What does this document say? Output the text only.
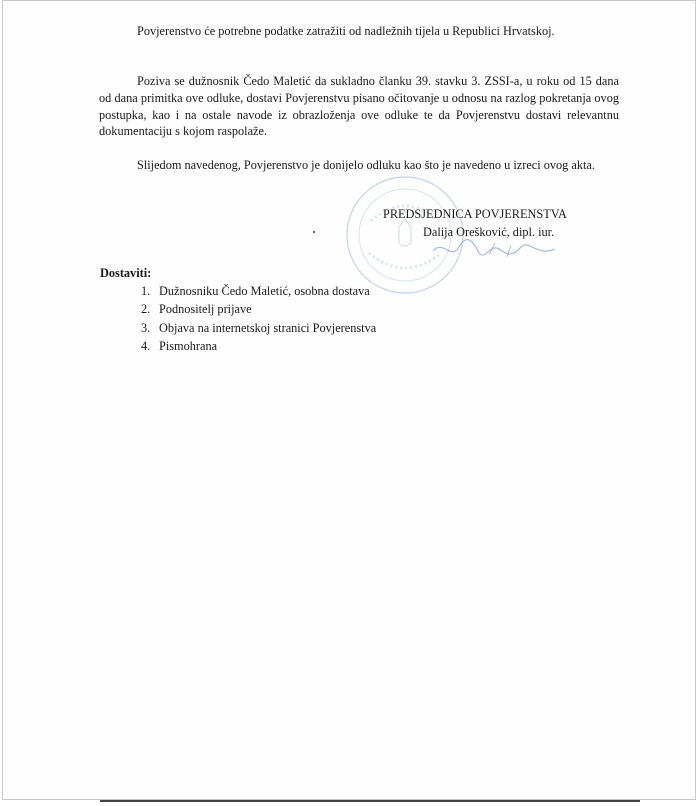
Povjerenstvo će potrebne podatke zatražiti od nadležnih tijela u Republici Hrvatskoj.

Poziva se dužnosnik Čedo Maletić da sukladno članku 39. stavku 3. ZSSI-a, u roku od 15 dana od dana primitka ove odluke, dostavi Povjerenstvu pisano očitovanje u odnosu na razlog pokretanja ovog postupka, kao i na ostale navode iz obrazloženja ove odluke te da Povjerenstvu dostavi relevantnu dokumentaciju s kojom raspolaže.

Slijedom navedenog, Povjerenstvo je donijelo odluku kao što je navedeno u izreci ovog akta.

PREDSJEDNICA POVJERENSTVA

Dalija Orešković, dipl. iur.

Dostaviti:

1. Dužnosniku Čedo Maletić, osobna dostava
2. Podnositelj prijave
3. Objava na internetskoj stranici Povjerenstva
4. Pismohrana
